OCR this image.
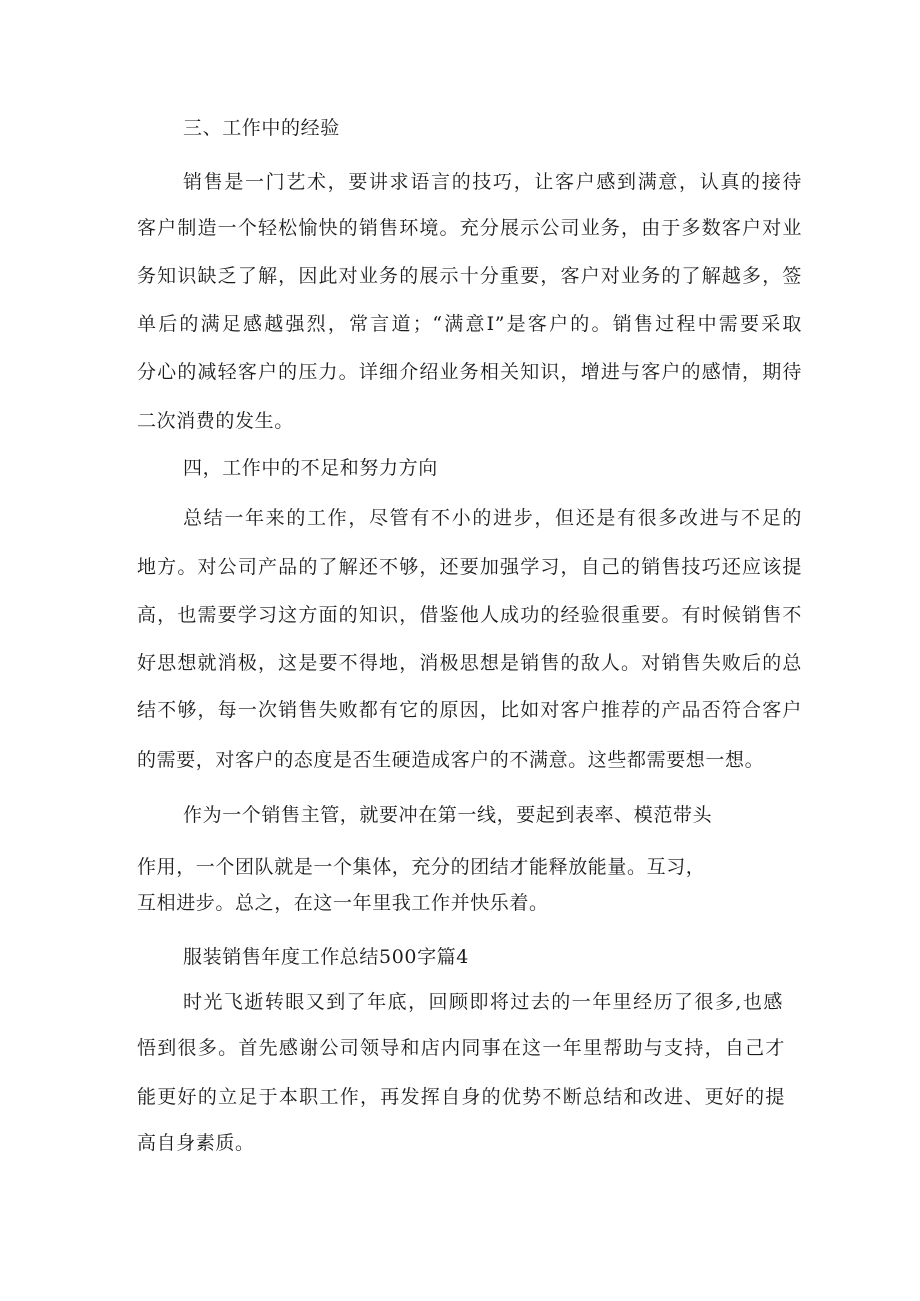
三、工作中的经验
销售是一门艺术，要讲求语言的技巧，让客户感到满意，认真的接待
客户制造一个轻松愉快的销售环境。充分展示公司业务，由于多数客户对业
务知识缺乏了解，因此对业务的展示十分重要，客户对业务的了解越多，签
单后的满足感越强烈，常言道；“满意I”是客户的。销售过程中需要采取
分心的减轻客户的压力。详细介绍业务相关知识，增进与客户的感情，期待
二次消费的发生。
四，工作中的不足和努力方向
总结一年来的工作，尽管有不小的进步，但还是有很多改进与不足的
地方。对公司产品的了解还不够，还要加强学习，自己的销售技巧还应该提
高，也需要学习这方面的知识，借鉴他人成功的经验很重要。有时候销售不
好思想就消极，这是要不得地，消极思想是销售的敌人。对销售失败后的总
结不够，每一次销售失败都有它的原因，比如对客户推荐的产品否符合客户
的需要，对客户的态度是否生硬造成客户的不满意。这些都需要想一想。
作为一个销售主管，就要冲在第一线，要起到表率、模范带头
作用，一个团队就是一个集体，充分的团结才能释放能量。互习，
互相进步。总之，在这一年里我工作并快乐着。
服装销售年度工作总结500字篇4
时光飞逝转眼又到了年底，回顾即将过去的一年里经历了很多,也感
悟到很多。首先感谢公司领导和店内同事在这一年里帮助与支持，自己才
能更好的立足于本职工作，再发挥自身的优势不断总结和改进、更好的提
高自身素质。
